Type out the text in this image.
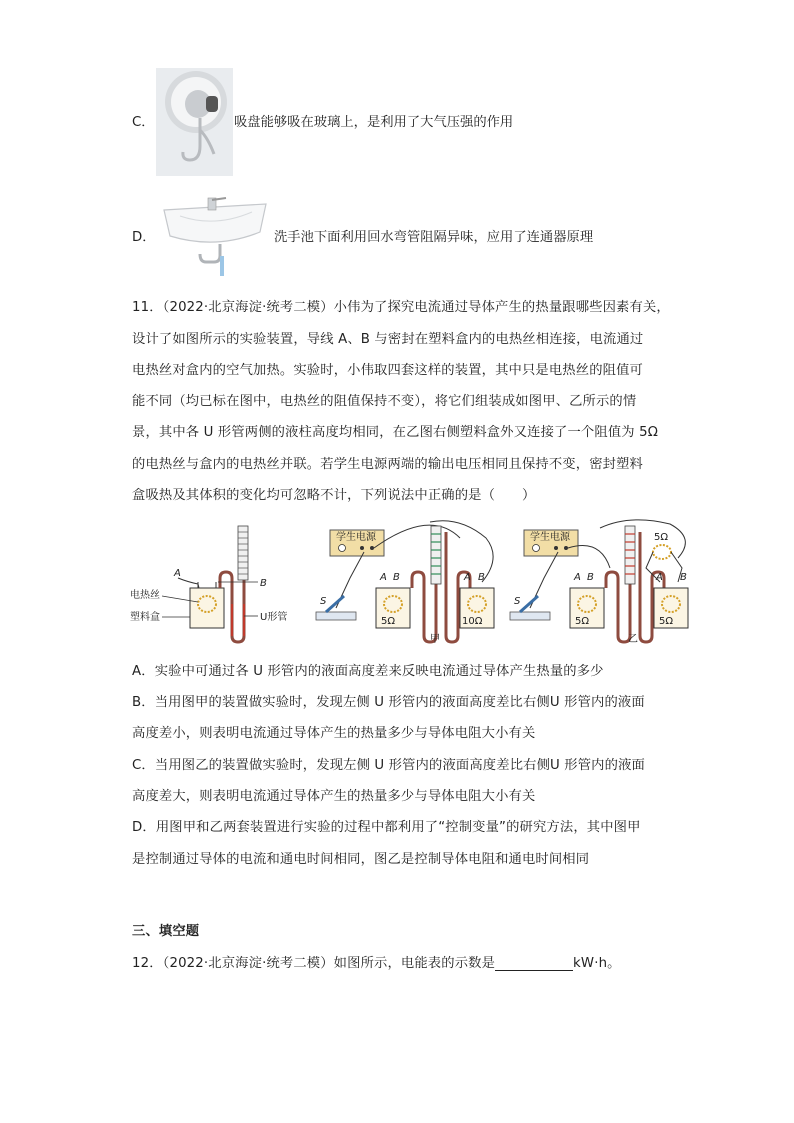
C．	吸盘能够吸在玻璃上，是利用了大气压强的作用
D．	洗手池下面利用回水弯管阻隔异味，应用了连通器原理
11．（2022·北京海淀·统考二模）小伟为了探究电流通过导体产生的热量跟哪些因素有关，
设计了如图所示的实验装置，导线 A、B 与密封在塑料盒内的电热丝相连接，电流通过
电热丝对盒内的空气加热。实验时，小伟取四套这样的装置，其中只是电热丝的阻值可
能不同（均已标在图中，电热丝的阻值保持不变），将它们组装成如图甲、乙所示的情
景，其中各 U 形管两侧的液柱高度均相同，在乙图右侧塑料盒外又连接了一个阻值为 5Ω
的电热丝与盒内的电热丝并联。若学生电源两端的输出电压相同且保持不变，密封塑料
盒吸热及其体积的变化均可忽略不计，下列说法中正确的是（　　）
A
B
电热丝
塑料盒	U形管
学生电源
S
5Ω
A B
10Ω
A B
甲
学生电源
S
5Ω
A B
5Ω
A B
5Ω
乙
A．实验中可通过各 U 形管内的液面高度差来反映电流通过导体产生热量的多少
B．当用图甲的装置做实验时，发现左侧 U 形管内的液面高度差比右侧U 形管内的液面
高度差小，则表明电流通过导体产生的热量多少与导体电阻大小有关
C．当用图乙的装置做实验时，发现左侧 U 形管内的液面高度差比右侧U 形管内的液面
高度差大，则表明电流通过导体产生的热量多少与导体电阻大小有关
D．用图甲和乙两套装置进行实验的过程中都利用了“控制变量”的研究方法，其中图甲
是控制通过导体的电流和通电时间相同，图乙是控制导体电阻和通电时间相同
三、填空题
12．（2022·北京海淀·统考二模）如图所示，电能表的示数是	kW·h。
